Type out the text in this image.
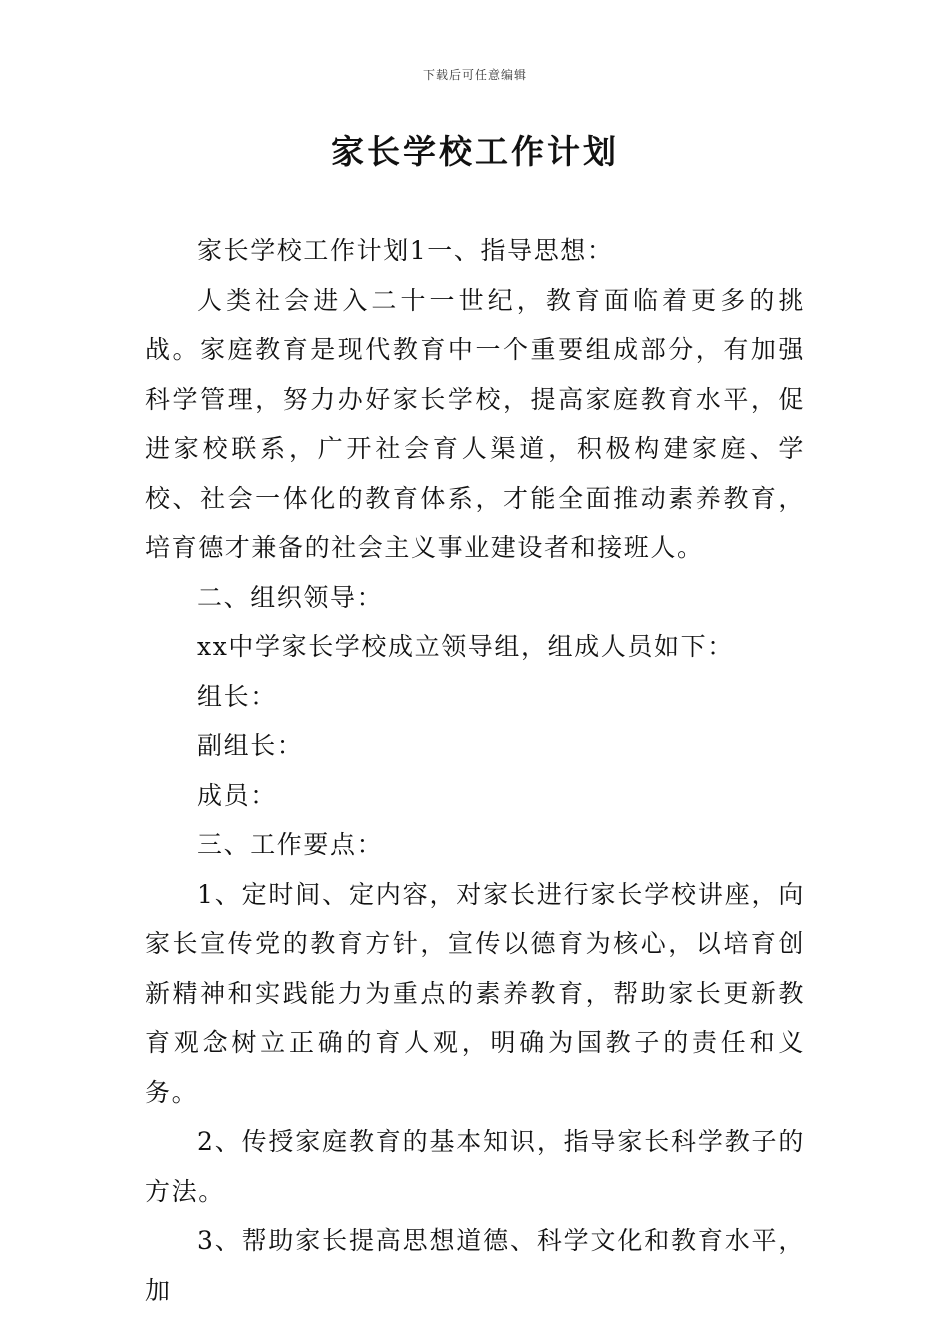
下载后可任意编辑
家长学校工作计划

家长学校工作计划1一、指导思想：

人类社会进入二十一世纪，教育面临着更多的挑战。家庭教育是现代教育中一个重要组成部分，有加强科学管理，努力办好家长学校，提高家庭教育水平，促进家校联系，广开社会育人渠道，积极构建家庭、学校、社会一体化的教育体系，才能全面推动素养教育，培育德才兼备的社会主义事业建设者和接班人。

二、组织领导：

xx中学家长学校成立领导组，组成人员如下：

组长：

副组长：

成员：

三、工作要点：

1、定时间、定内容，对家长进行家长学校讲座，向家长宣传党的教育方针，宣传以德育为核心，以培育创新精神和实践能力为重点的素养教育，帮助家长更新教育观念树立正确的育人观，明确为国教子的责任和义务。

2、传授家庭教育的基本知识，指导家长科学教子的方法。

3、帮助家长提高思想道德、科学文化和教育水平，加
